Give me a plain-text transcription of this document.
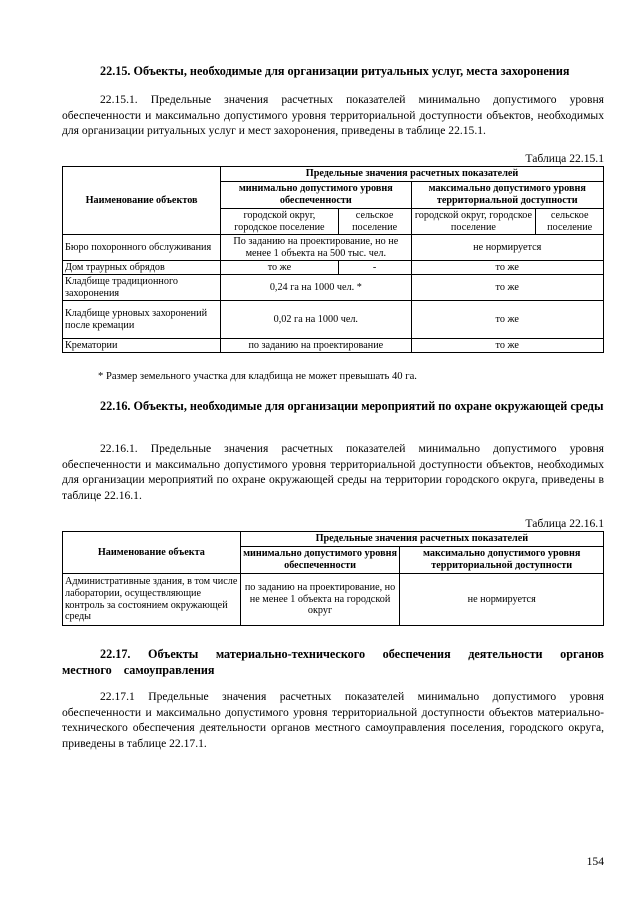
22.15. Объекты, необходимые для организации ритуальных услуг, места захоронения
22.15.1. Предельные значения расчетных показателей минимально допустимого уровня обеспеченности и максимально допустимого уровня территориальной доступности объектов, необходимых для организации ритуальных услуг и мест захоронения, приведены в таблице 22.15.1.
Таблица 22.15.1
Наименование объектов	Предельные значения расчетных показателей			
	минимально допустимого уровня обеспеченности		максимально допустимого уровня территориальной доступности	
	городской округ, городское поселение	сельское поселение	городской округ, городское поселение	сельское поселение
Бюро похоронного обслуживания	По заданию на проектирование, но не менее 1 объекта на 500 тыс. чел.		не нормируется	
Дом траурных обрядов	то же	-	то же	
Кладбище традиционного захоронения	0,24 га на 1000 чел. *		то же	
Кладбище урновых захоронений после кремации	0,02 га на 1000 чел.		то же	
Крематории	по заданию на проектирование		то же	
* Размер земельного участка для кладбища не может превышать 40 га.
22.16. Объекты, необходимые для организации мероприятий по охране окружающей среды
22.16.1. Предельные значения расчетных показателей минимально допустимого уровня обеспеченности и максимально допустимого уровня территориальной доступности объектов, необходимых для организации мероприятий по охране окружающей среды на территории городского округа, приведены в таблице 22.16.1.
Таблица 22.16.1
Наименование объекта	Предельные значения расчетных показателей	
	минимально допустимого уровня обеспеченности	максимально допустимого уровня территориальной доступности
Административные здания, в том числе лаборатории, осуществляющие контроль за состоянием окружающей среды	по заданию на проектирование, но не менее 1 объекта на городской округ	не нормируется
22.17. Объекты материально-технического обеспечения деятельности органов местного самоуправления
22.17.1 Предельные значения расчетных показателей минимально допустимого уровня обеспеченности и максимально допустимого уровня территориальной доступности объектов материально-технического обеспечения деятельности органов местного самоуправления поселения, городского округа, приведены в таблице 22.17.1.
154
